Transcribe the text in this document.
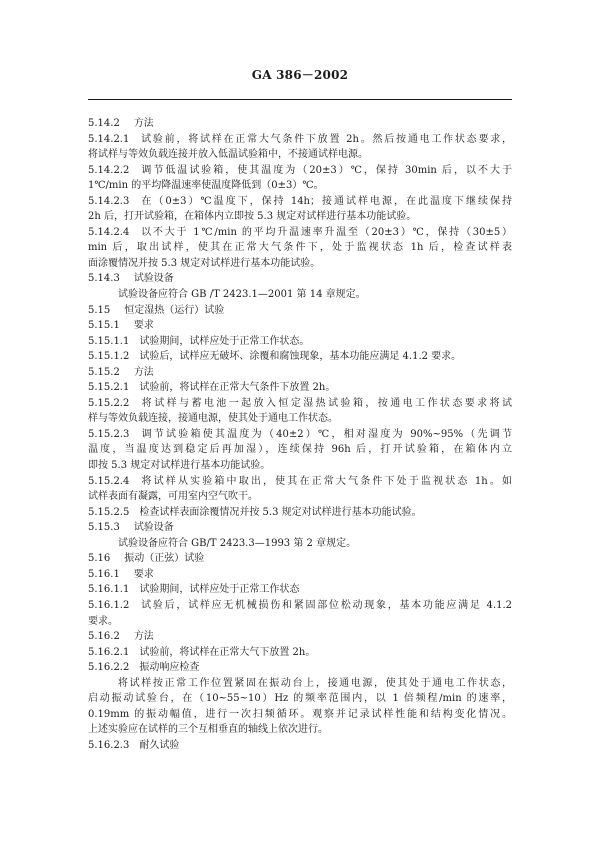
GA 386－2002
5.14.2 方法
5.14.2.1 试验前，将试样在正常大气条件下放置 2h。然后按通电工作状态要求，
将试样与等效负载连接并放入低温试验箱中，不接通试样电源。
5.14.2.2 调节低温试验箱，使其温度为（20±3）℃，保持 30min 后，以不大于
1℃/min 的平均降温速率使温度降低到（0±3）℃。
5.14.2.3 在（0±3）℃温度下，保持 14h；接通试样电源，在此温度下继续保持
2h 后，打开试验箱，在箱体内立即按 5.3 规定对试样进行基本功能试验。
5.14.2.4 以不大于 1℃/min 的平均升温速率升温至（20±3）℃，保持（30±5）
min 后，取出试样，使其在正常大气条件下，处于监视状态 1h 后，检查试样表
面涂覆情况并按 5.3 规定对试样进行基本功能试验。
5.14.3 试验设备
试验设备应符合 GB /T 2423.1—2001 第 14 章规定。
5.15 恒定湿热（运行）试验
5.15.1 要求
5.15.1.1 试验期间，试样应处于正常工作状态。
5.15.1.2 试验后，试样应无破坏、涂覆和腐蚀现象，基本功能应满足 4.1.2 要求。
5.15.2 方法
5.15.2.1 试验前，将试样在正常大气条件下放置 2h。
5.15.2.2 将试样与蓄电池一起放入恒定湿热试验箱，按通电工作状态要求将试
样与等效负载连接，接通电源，使其处于通电工作状态。
5.15.2.3 调节试验箱使其温度为（40±2）℃，相对湿度为 90%~95%（先调节
温度，当温度达到稳定后再加湿），连续保持 96h 后，打开试验箱，在箱体内立
即按 5.3 规定对试样进行基本功能试验。
5.15.2.4 将试样从实验箱中取出，使其在正常大气条件下处于监视状态 1h。如
试样表面有凝露，可用室内空气吹干。
5.15.2.5 检查试样表面涂覆情况并按 5.3 规定对试样进行基本功能试验。
5.15.3 试验设备
试验设备应符合 GB/T 2423.3—1993 第 2 章规定。
5.16 振动（正弦）试验
5.16.1 要求
5.16.1.1 试验期间，试样应处于正常工作状态
5.16.1.2 试验后，试样应无机械损伤和紧固部位松动现象，基本功能应满足 4.1.2
要求。
5.16.2 方法
5.16.2.1 试验前，将试样在正常大气下放置 2h。
5.16.2.2 振动响应检查
将试样按正常工作位置紧固在振动台上，接通电源，使其处于通电工作状态，
启动振动试验台，在（10~55~10）Hz 的频率范围内，以 1 倍频程/min 的速率，
0.19mm 的振动幅值，进行一次扫频循环。观察并记录试样性能和结构变化情况。
上述实验应在试样的三个互相垂直的轴线上依次进行。
5.16.2.3 耐久试验
